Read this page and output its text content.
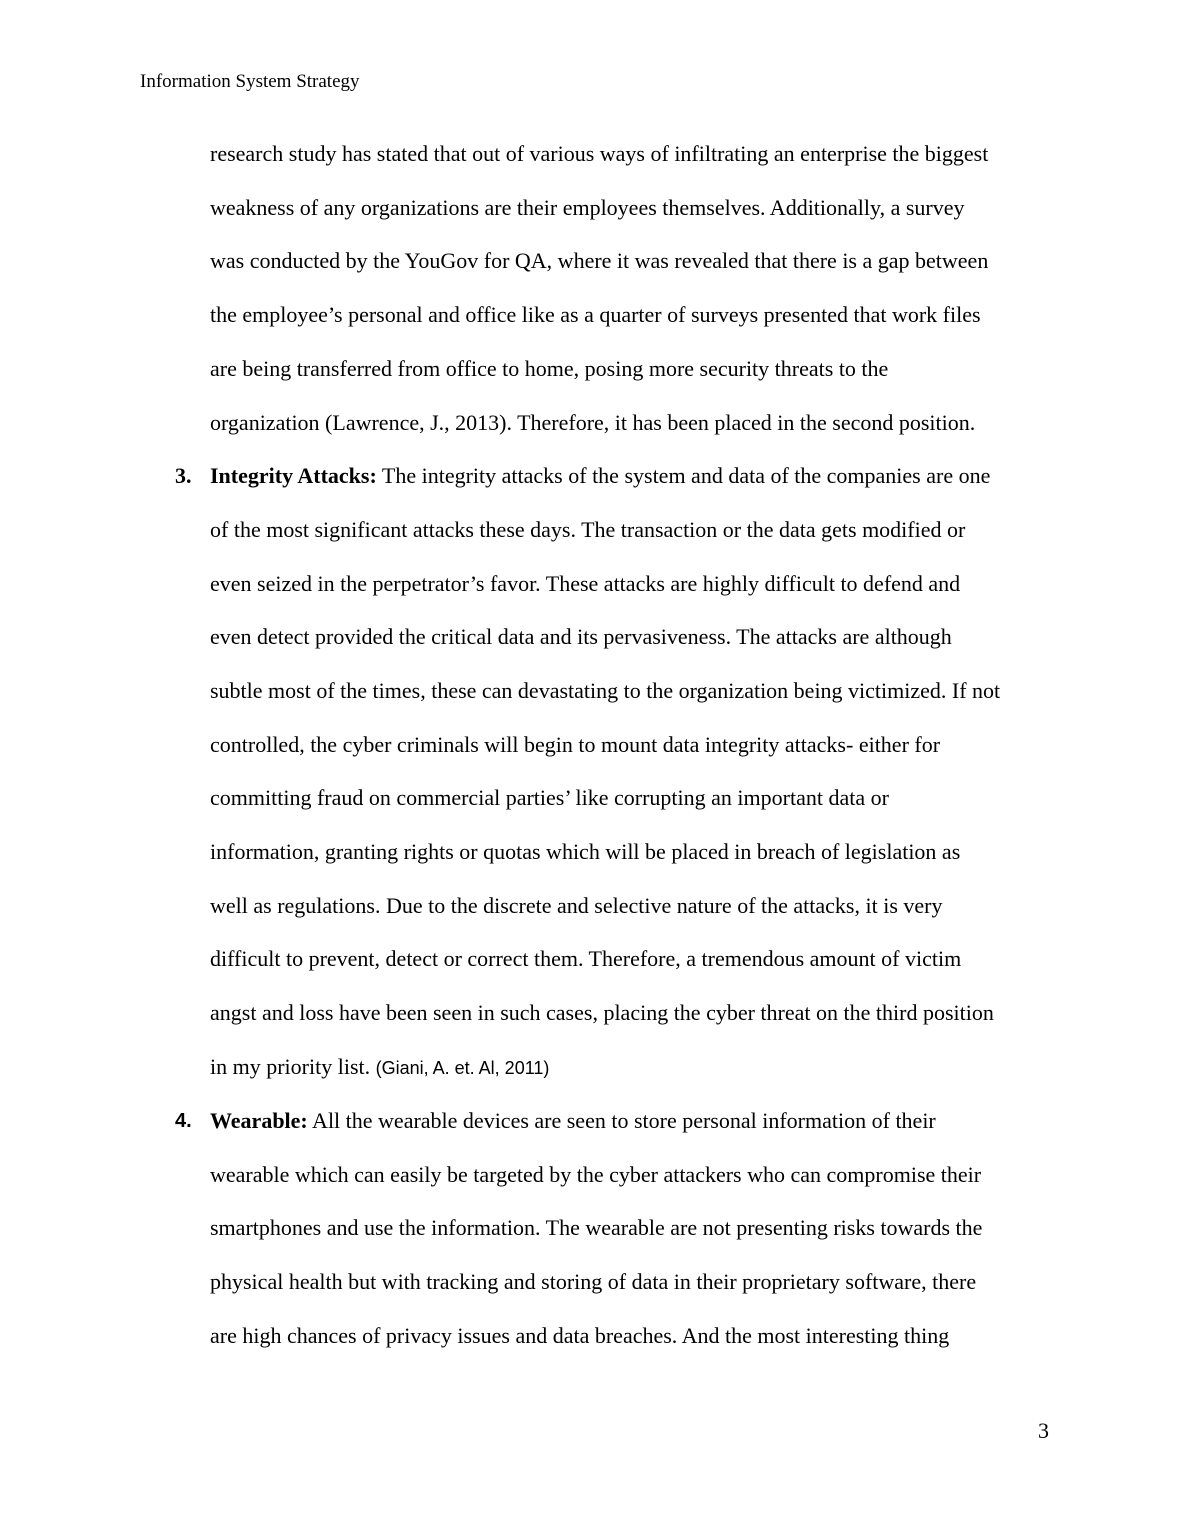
Information System Strategy
research study has stated that out of various ways of infiltrating an enterprise the biggest
weakness of any organizations are their employees themselves. Additionally, a survey
was conducted by the YouGov for QA, where it was revealed that there is a gap between
the employee’s personal and office like as a quarter of surveys presented that work files
are being transferred from office to home, posing more security threats to the
organization (Lawrence, J., 2013). Therefore, it has been placed in the second position.
3. Integrity Attacks: The integrity attacks of the system and data of the companies are one
of the most significant attacks these days. The transaction or the data gets modified or
even seized in the perpetrator’s favor. These attacks are highly difficult to defend and
even detect provided the critical data and its pervasiveness. The attacks are although
subtle most of the times, these can devastating to the organization being victimized. If not
controlled, the cyber criminals will begin to mount data integrity attacks- either for
committing fraud on commercial parties’ like corrupting an important data or
information, granting rights or quotas which will be placed in breach of legislation as
well as regulations. Due to the discrete and selective nature of the attacks, it is very
difficult to prevent, detect or correct them. Therefore, a tremendous amount of victim
angst and loss have been seen in such cases, placing the cyber threat on the third position
in my priority list. (Giani, A. et. Al, 2011)
4. Wearable: All the wearable devices are seen to store personal information of their
wearable which can easily be targeted by the cyber attackers who can compromise their
smartphones and use the information. The wearable are not presenting risks towards the
physical health but with tracking and storing of data in their proprietary software, there
are high chances of privacy issues and data breaches. And the most interesting thing
3
